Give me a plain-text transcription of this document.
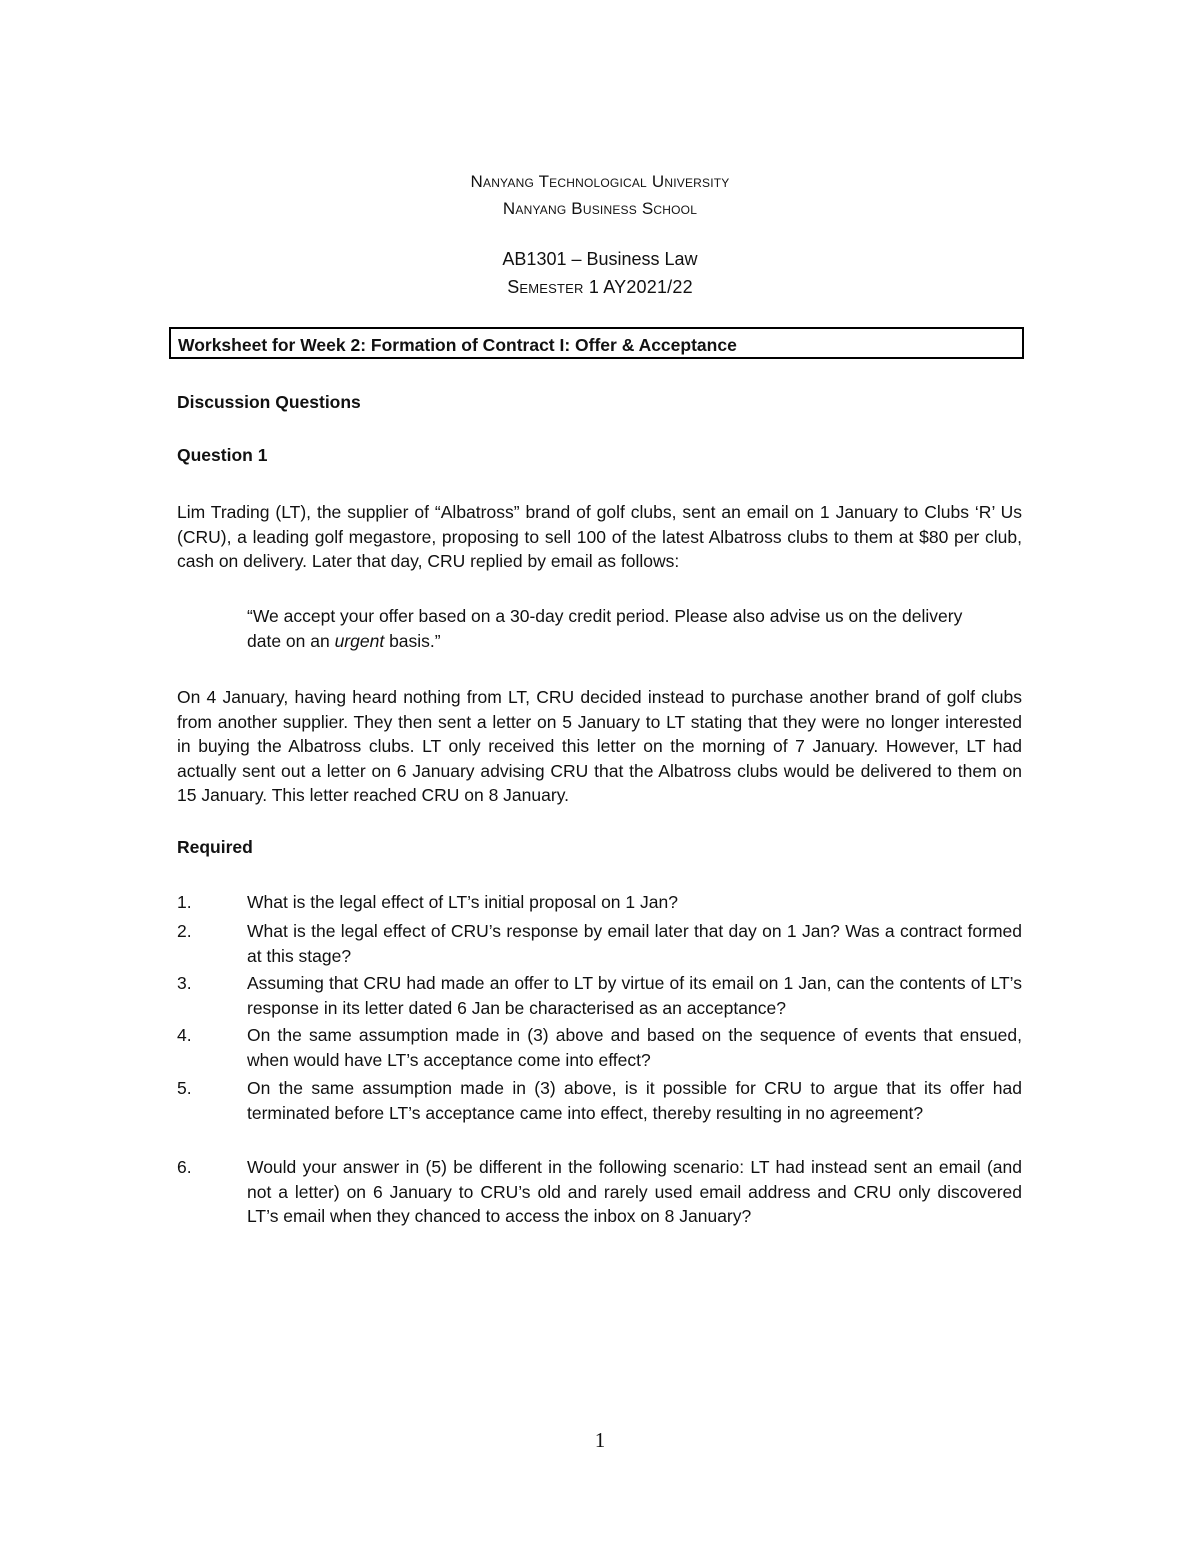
Nanyang Technological University
Nanyang Business School
AB1301 – Business Law
Semester 1 AY2021/22
Worksheet for Week 2: Formation of Contract I: Offer & Acceptance
Discussion Questions
Question 1

Lim Trading (LT), the supplier of “Albatross” brand of golf clubs, sent an email on 1 January to Clubs ‘R’ Us (CRU), a leading golf megastore, proposing to sell 100 of the latest Albatross clubs to them at $80 per club, cash on delivery. Later that day, CRU replied by email as follows:

“We accept your offer based on a 30-day credit period. Please also advise us on the delivery date on an urgent basis.”

On 4 January, having heard nothing from LT, CRU decided instead to purchase another brand of golf clubs from another supplier. They then sent a letter on 5 January to LT stating that they were no longer interested in buying the Albatross clubs. LT only received this letter on the morning of 7 January. However, LT had actually sent out a letter on 6 January advising CRU that the Albatross clubs would be delivered to them on 15 January. This letter reached CRU on 8 January.

Required
1.	What is the legal effect of LT’s initial proposal on 1 Jan?
2.	What is the legal effect of CRU’s response by email later that day on 1 Jan? Was a contract formed at this stage?
3.	Assuming that CRU had made an offer to LT by virtue of its email on 1 Jan, can the contents of LT’s response in its letter dated 6 Jan be characterised as an acceptance?
4.	On the same assumption made in (3) above and based on the sequence of events that ensued, when would have LT’s acceptance come into effect?
5.	On the same assumption made in (3) above, is it possible for CRU to argue that its offer had terminated before LT’s acceptance came into effect, thereby resulting in no agreement?
6.	Would your answer in (5) be different in the following scenario: LT had instead sent an email (and not a letter) on 6 January to CRU’s old and rarely used email address and CRU only discovered LT’s email when they chanced to access the inbox on 8 January?
1
